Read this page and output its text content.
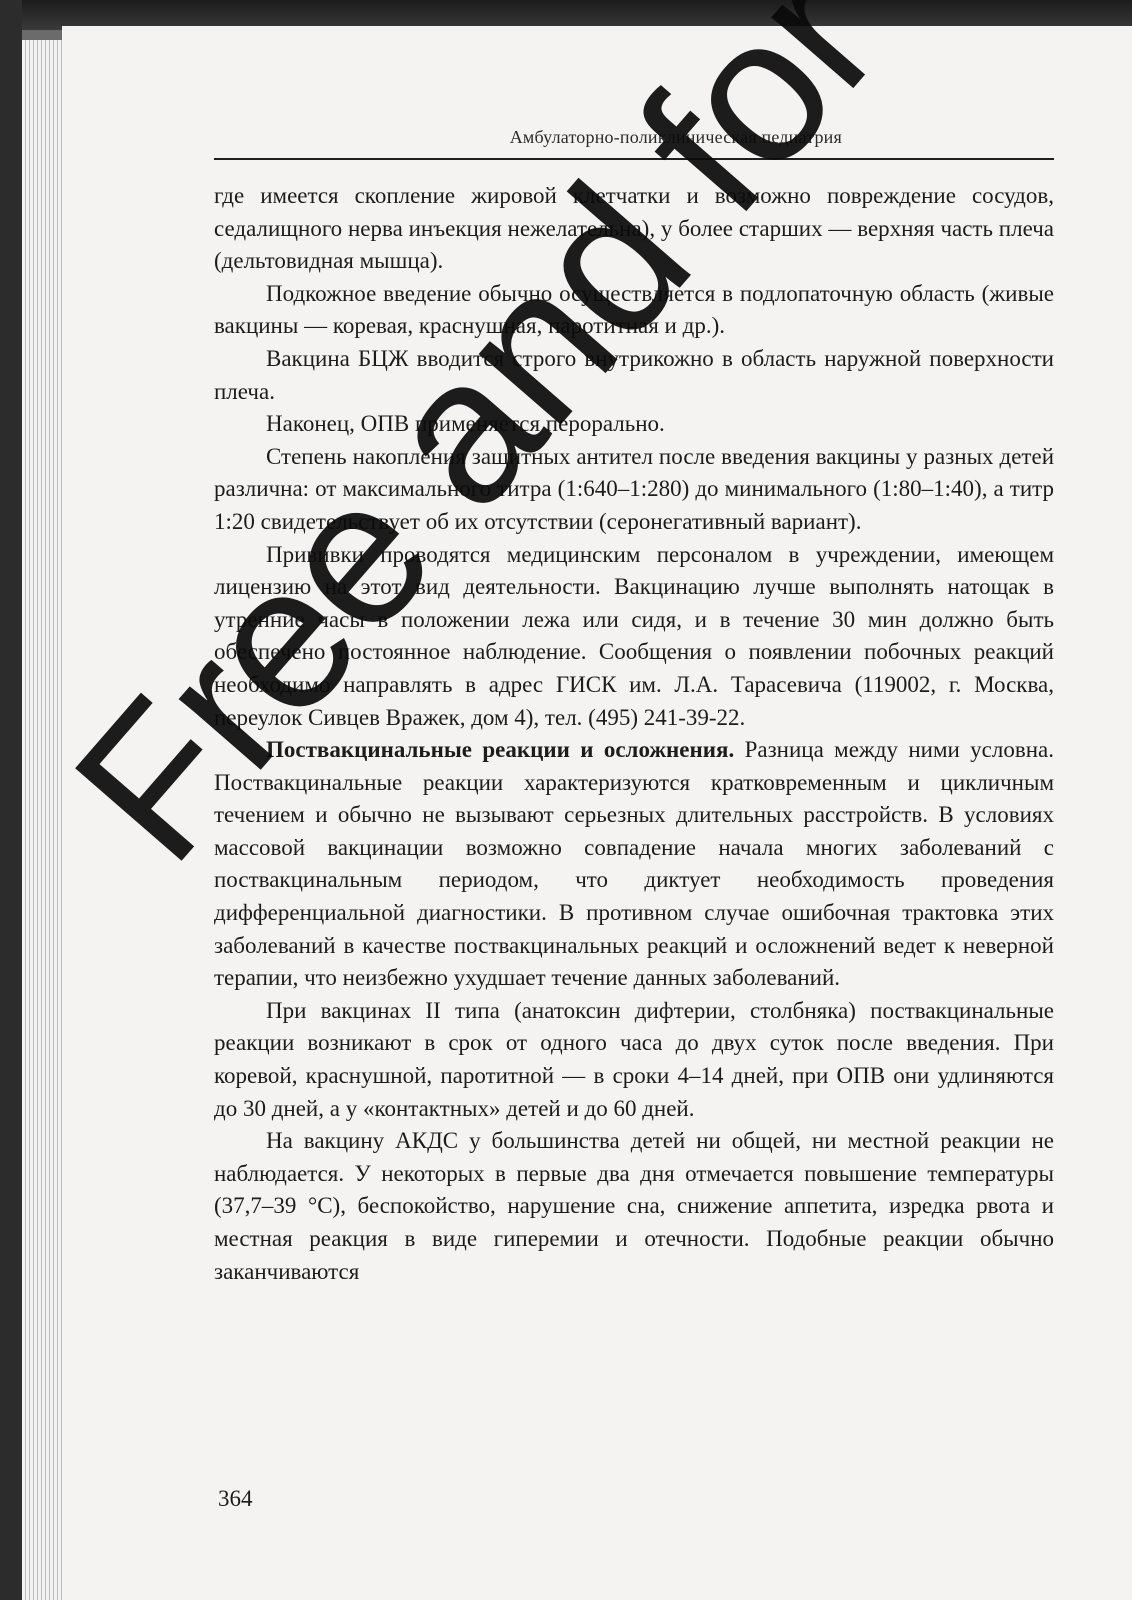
Амбулаторно-поликлиническая педиатрия

где имеется скопление жировой клетчатки и возможно повреждение сосудов, седалищного нерва инъекция нежелательна), у более старших — верхняя часть плеча (дельтовидная мышца).

Подкожное введение обычно осуществляется в подлопаточную область (живые вакцины — коревая, краснушная, паротитная и др.).

Вакцина БЦЖ вводится строго внутрикожно в область наружной поверхности плеча.

Наконец, ОПВ применяется перорально.

Степень накопления защитных антител после введения вакцины у разных детей различна: от максимального титра (1:640–1:280) до минимального (1:80–1:40), а титр 1:20 свидетельствует об их отсутствии (серонегативный вариант).

Прививки проводятся медицинским персоналом в учреждении, имеющем лицензию на этот вид деятельности. Вакцинацию лучше выполнять натощак в утренние часы в положении лежа или сидя, и в течение 30 мин должно быть обеспечено постоянное наблюдение. Сообщения о появлении побочных реакций необходимо направлять в адрес ГИСК им. Л.А. Тарасевича (119002, г. Москва, переулок Сивцев Вражек, дом 4), тел. (495) 241-39-22.

Поствакцинальные реакции и осложнения. Разница между ними условна. Поствакцинальные реакции характеризуются кратковременным и цикличным течением и обычно не вызывают серьезных длительных расстройств. В условиях массовой вакцинации возможно совпадение начала многих заболеваний с поствакцинальным периодом, что диктует необходимость проведения дифференциальной диагностики. В противном случае ошибочная трактовка этих заболеваний в качестве поствакцинальных реакций и осложнений ведет к неверной терапии, что неизбежно ухудшает течение данных заболеваний.

При вакцинах II типа (анатоксин дифтерии, столбняка) поствакцинальные реакции возникают в срок от одного часа до двух суток после введения. При коревой, краснушной, паротитной — в сроки 4–14 дней, при ОПВ они удлиняются до 30 дней, а у «контактных» детей и до 60 дней.

На вакцину АКДС у большинства детей ни общей, ни местной реакции не наблюдается. У некоторых в первые два дня отмечается повышение температуры (37,7–39 °С), беспокойство, нарушение сна, снижение аппетита, изредка рвота и местная реакция в виде гиперемии и отечности. Подобные реакции обычно заканчиваются

364
Free and for
